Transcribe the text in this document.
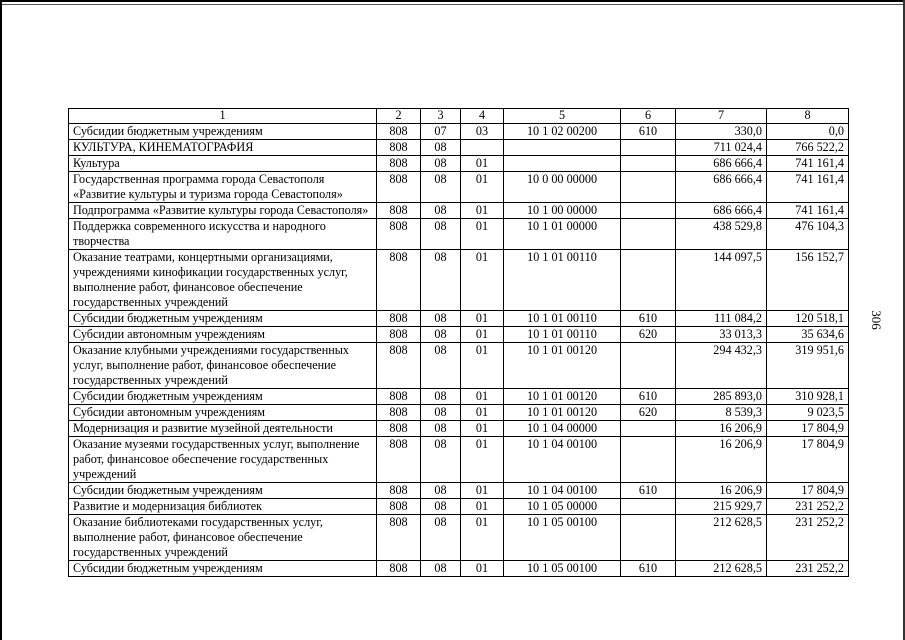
306
1	2	3	4	5	6	7	8
Субсидии бюджетным учреждениям	808	07	03	10 1 02 00200	610	330,0	0,0
КУЛЬТУРА, КИНЕМАТОГРАФИЯ	808	08				711 024,4	766 522,2
Культура	808	08	01			686 666,4	741 161,4
Государственная программа города Севастополя «Развитие культуры и туризма города Севастополя»	808	08	01	10 0 00 00000		686 666,4	741 161,4
Подпрограмма «Развитие культуры города Севастополя»	808	08	01	10 1 00 00000		686 666,4	741 161,4
Поддержка современного искусства и народного творчества	808	08	01	10 1 01 00000		438 529,8	476 104,3
Оказание театрами, концертными организациями, учреждениями кинофикации государственных услуг, выполнение работ, финансовое обеспечение государственных учреждений	808	08	01	10 1 01 00110		144 097,5	156 152,7
Субсидии бюджетным учреждениям	808	08	01	10 1 01 00110	610	111 084,2	120 518,1
Субсидии автономным учреждениям	808	08	01	10 1 01 00110	620	33 013,3	35 634,6
Оказание клубными учреждениями государственных услуг, выполнение работ, финансовое обеспечение государственных учреждений	808	08	01	10 1 01 00120		294 432,3	319 951,6
Субсидии бюджетным учреждениям	808	08	01	10 1 01 00120	610	285 893,0	310 928,1
Субсидии автономным учреждениям	808	08	01	10 1 01 00120	620	8 539,3	9 023,5
Модернизация и развитие музейной деятельности	808	08	01	10 1 04 00000		16 206,9	17 804,9
Оказание музеями государственных услуг, выполнение работ, финансовое обеспечение государственных учреждений	808	08	01	10 1 04 00100		16 206,9	17 804,9
Субсидии бюджетным учреждениям	808	08	01	10 1 04 00100	610	16 206,9	17 804,9
Развитие и модернизация библиотек	808	08	01	10 1 05 00000		215 929,7	231 252,2
Оказание библиотеками государственных услуг, выполнение работ, финансовое обеспечение государственных учреждений	808	08	01	10 1 05 00100		212 628,5	231 252,2
Субсидии бюджетным учреждениям	808	08	01	10 1 05 00100	610	212 628,5	231 252,2
